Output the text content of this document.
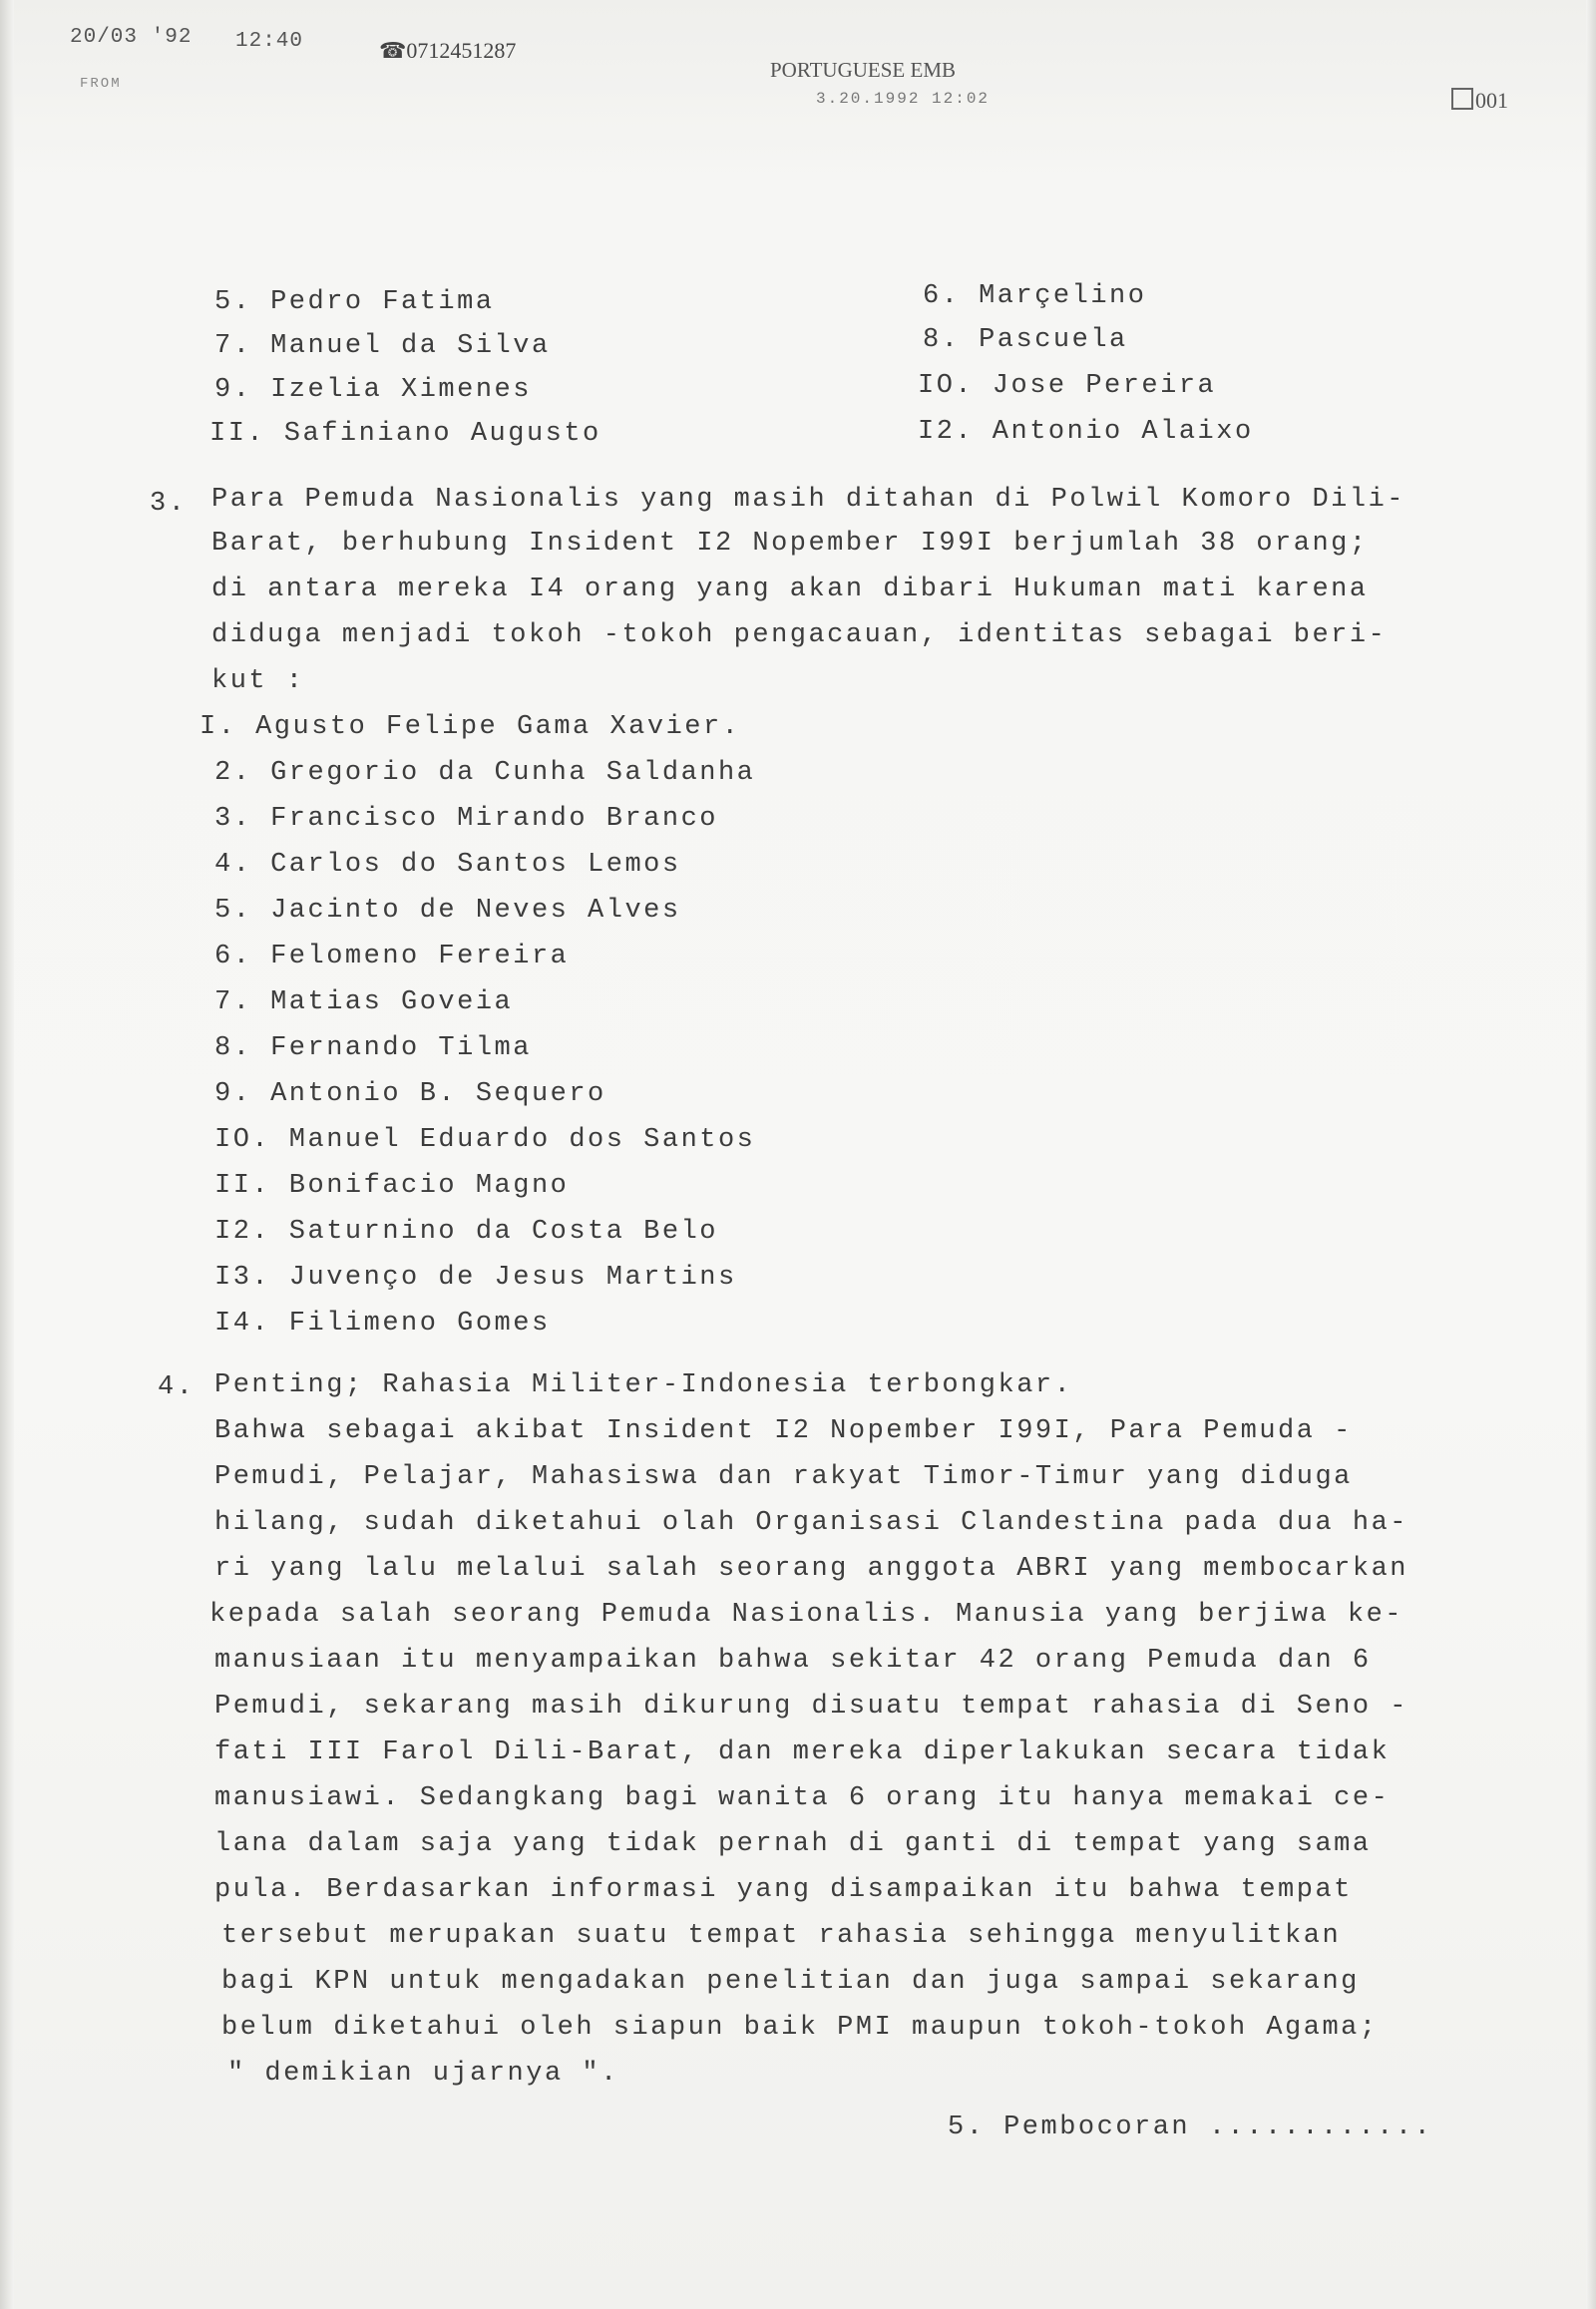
20/03 '92 12:40	☎0712451287
FROM
PORTUGUESE EMB
3.20.1992 12:02	001
5. Pedro Fatima
7. Manuel da Silva
9. Izelia Ximenes
II. Safiniano Augusto
6. Marçelino
8. Pascuela
IO. Jose Pereira
I2. Antonio Alaixo
3. Para Pemuda Nasionalis yang masih ditahan di Polwil Komoro Dili-
Barat, berhubung Insident I2 Nopember I99I berjumlah 38 orang;
di antara mereka I4 orang yang akan dibari Hukuman mati karena
diduga menjadi tokoh -tokoh pengacauan, identitas sebagai beri-
kut :
I. Agusto Felipe Gama Xavier.
2. Gregorio da Cunha Saldanha
3. Francisco Mirando Branco
4. Carlos do Santos Lemos
5. Jacinto de Neves Alves
6. Felomeno Fereira
7. Matias Goveia
8. Fernando Tilma
9. Antonio B. Sequero
IO. Manuel Eduardo dos Santos
II. Bonifacio Magno
I2. Saturnino da Costa Belo
I3. Juvenço de Jesus Martins
I4. Filimeno Gomes
4. Penting; Rahasia Militer-Indonesia terbongkar.
Bahwa sebagai akibat Insident I2 Nopember I99I, Para Pemuda -
Pemudi, Pelajar, Mahasiswa dan rakyat Timor-Timur yang diduga
hilang, sudah diketahui olah Organisasi Clandestina pada dua ha-
ri yang lalu melalui salah seorang anggota ABRI yang membocarkan
kepada salah seorang Pemuda Nasionalis. Manusia yang berjiwa ke-
manusiaan itu menyampaikan bahwa sekitar 42 orang Pemuda dan 6
Pemudi, sekarang masih dikurung disuatu tempat rahasia di Seno -
fati III Farol Dili-Barat, dan mereka diperlakukan secara tidak
manusiawi. Sedangkang bagi wanita 6 orang itu hanya memakai ce-
lana dalam saja yang tidak pernah di ganti di tempat yang sama
pula. Berdasarkan informasi yang disampaikan itu bahwa tempat
tersebut merupakan suatu tempat rahasia sehingga menyulitkan
bagi KPN untuk mengadakan penelitian dan juga sampai sekarang
belum diketahui oleh siapun baik PMI maupun tokoh-tokoh Agama;
" demikian ujarnya ".
5. Pembocoran ............
